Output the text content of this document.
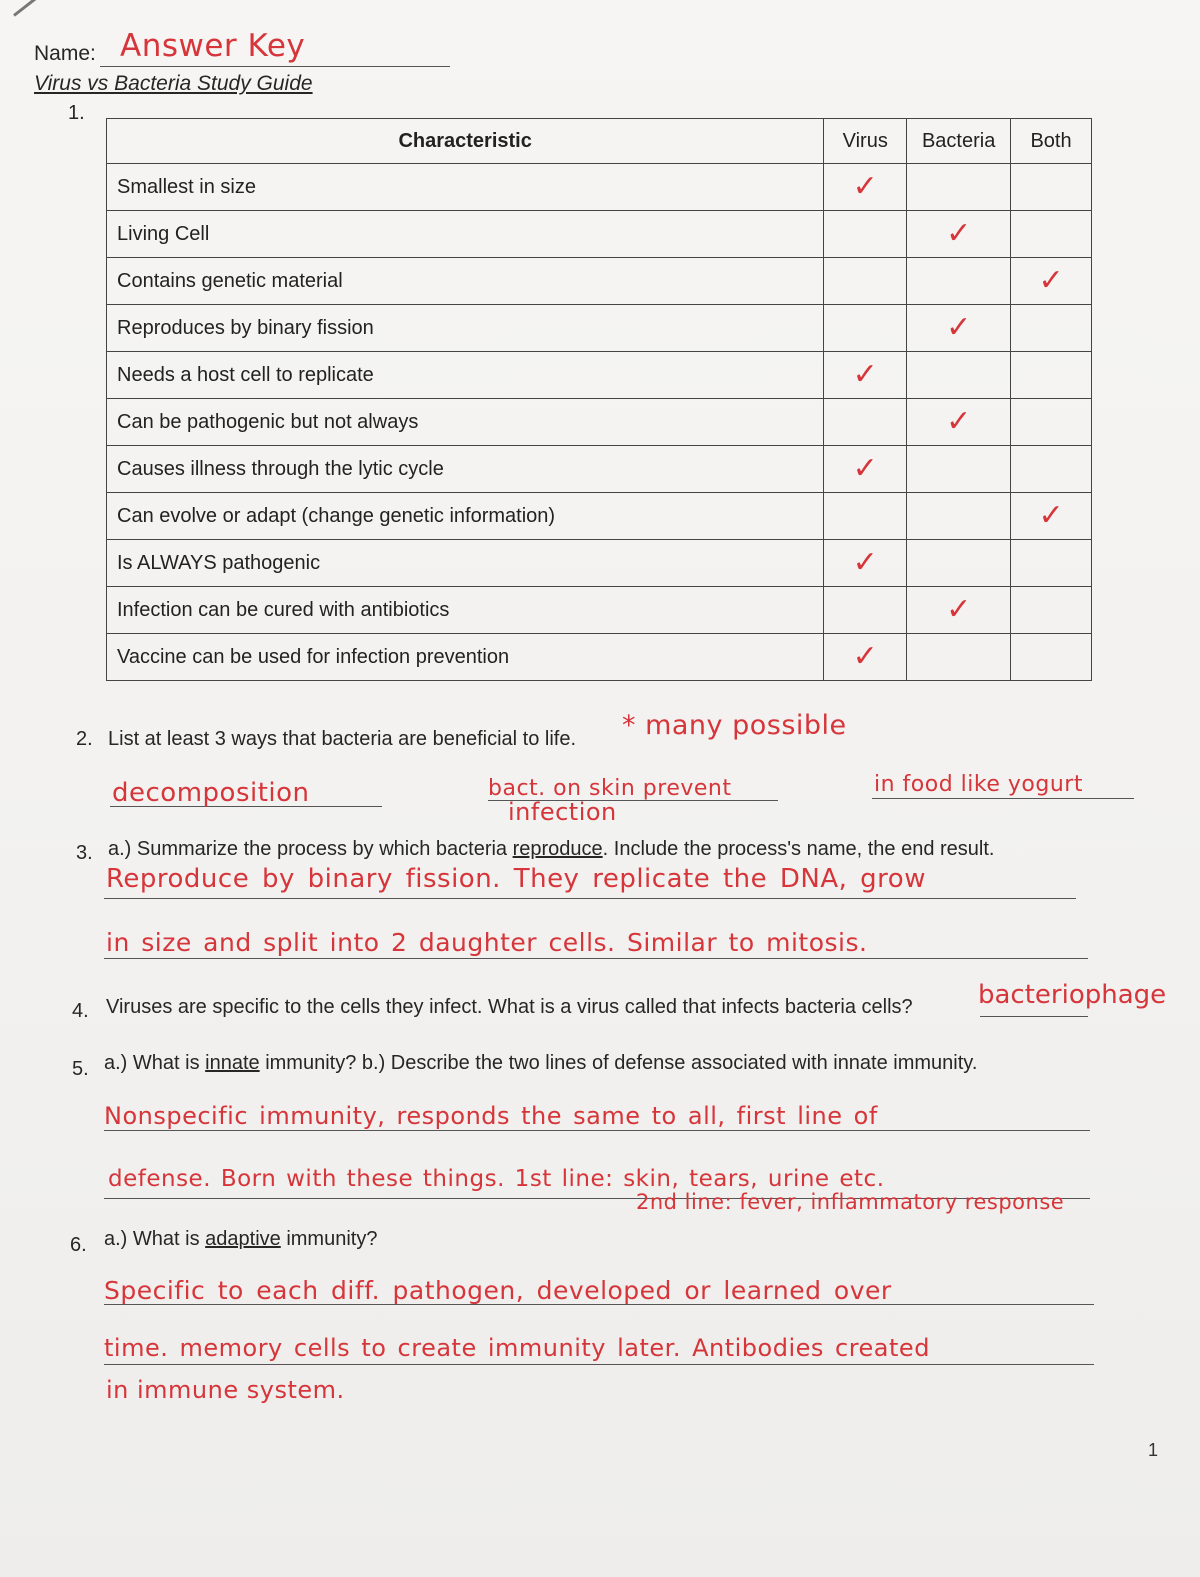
Name: Answer Key
Virus vs Bacteria Study Guide
1.
Characteristic	Virus	Bacteria	Both
Smallest in size	✓		
Living Cell		✓	
Contains genetic material			✓
Reproduces by binary fission		✓	
Needs a host cell to replicate	✓		
Can be pathogenic but not always		✓	
Causes illness through the lytic cycle	✓		
Can evolve or adapt (change genetic information)			✓
Is ALWAYS pathogenic	✓		
Infection can be cured with antibiotics		✓	
Vaccine can be used for infection prevention	✓		
2. List at least 3 ways that bacteria are beneficial to life. * many possible
decomposition	bact. on skin prevent
infection
in food like yogurt
3. a.) Summarize the process by which bacteria reproduce. Include the process's name, the end result.
Reproduce by binary fission. They replicate the DNA, grow
in size and split into 2 daughter cells. Similar to mitosis.
4. Viruses are specific to the cells they infect. What is a virus called that infects bacteria cells?	bacteriophage
5. a.) What is innate immunity? b.) Describe the two lines of defense associated with innate immunity.
Nonspecific immunity, responds the same to all, first line of
defense. Born with these things. 1st line: skin, tears, urine etc.
2nd line: fever, inflammatory response
6. a.) What is adaptive immunity?
Specific to each diff. pathogen, developed or learned over
time. memory cells to create immunity later. Antibodies created
in immune system.
1
